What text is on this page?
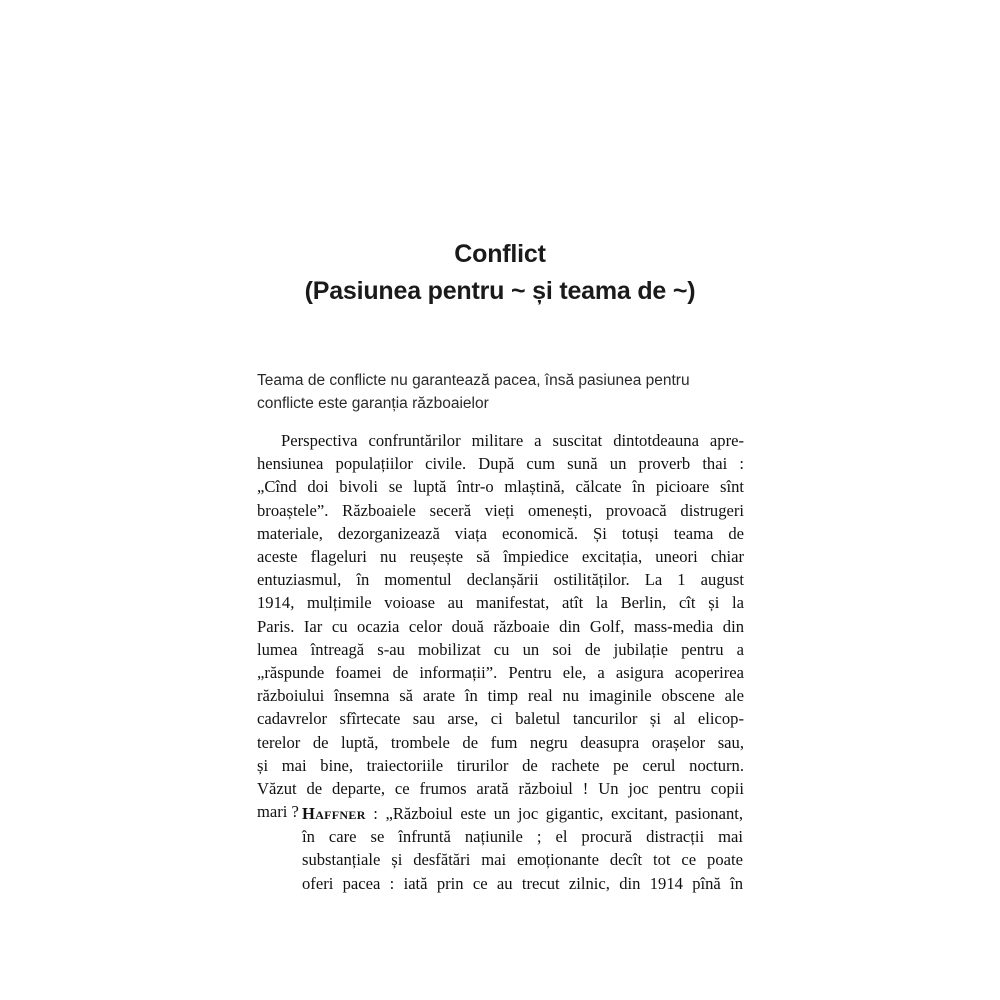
Conflict
(Pasiunea pentru ~ și teama de ~)
Teama de conflicte nu garantează pacea, însă pasiunea pentru
conflicte este garanția războaielor
Perspectiva confruntărilor militare a suscitat dintotdeauna apre-
hensiunea populațiilor civile. După cum sună un proverb thai :
„Cînd doi bivoli se luptă într-o mlaștină, călcate în picioare sînt
broaștele”. Războaiele seceră vieți omenești, provoacă distrugeri
materiale, dezorganizează viața economică. Și totuși teama de
aceste flageluri nu reușește să împiedice excitația, uneori chiar
entuziasmul, în momentul declanșării ostilităților. La 1 august
1914, mulțimile voioase au manifestat, atît la Berlin, cît și la
Paris. Iar cu ocazia celor două războaie din Golf, mass-media din
lumea întreagă s-au mobilizat cu un soi de jubilație pentru a
„răspunde foamei de informații”. Pentru ele, a asigura acoperirea
războiului însemna să arate în timp real nu imaginile obscene ale
cadavrelor sfîrtecate sau arse, ci baletul tancurilor și al elicop-
terelor de luptă, trombele de fum negru deasupra orașelor sau,
și mai bine, traiectoriile tirurilor de rachete pe cerul nocturn.
Văzut de departe, ce frumos arată războiul ! Un joc pentru copii
mari ? Haffner : „Războiul este un joc gigantic, excitant, pasionant,
în care se înfruntă națiunile ; el procură distracții mai
substanțiale și desfătări mai emoționante decît tot ce poate
oferi pacea : iată prin ce au trecut zilnic, din 1914 pînă în
